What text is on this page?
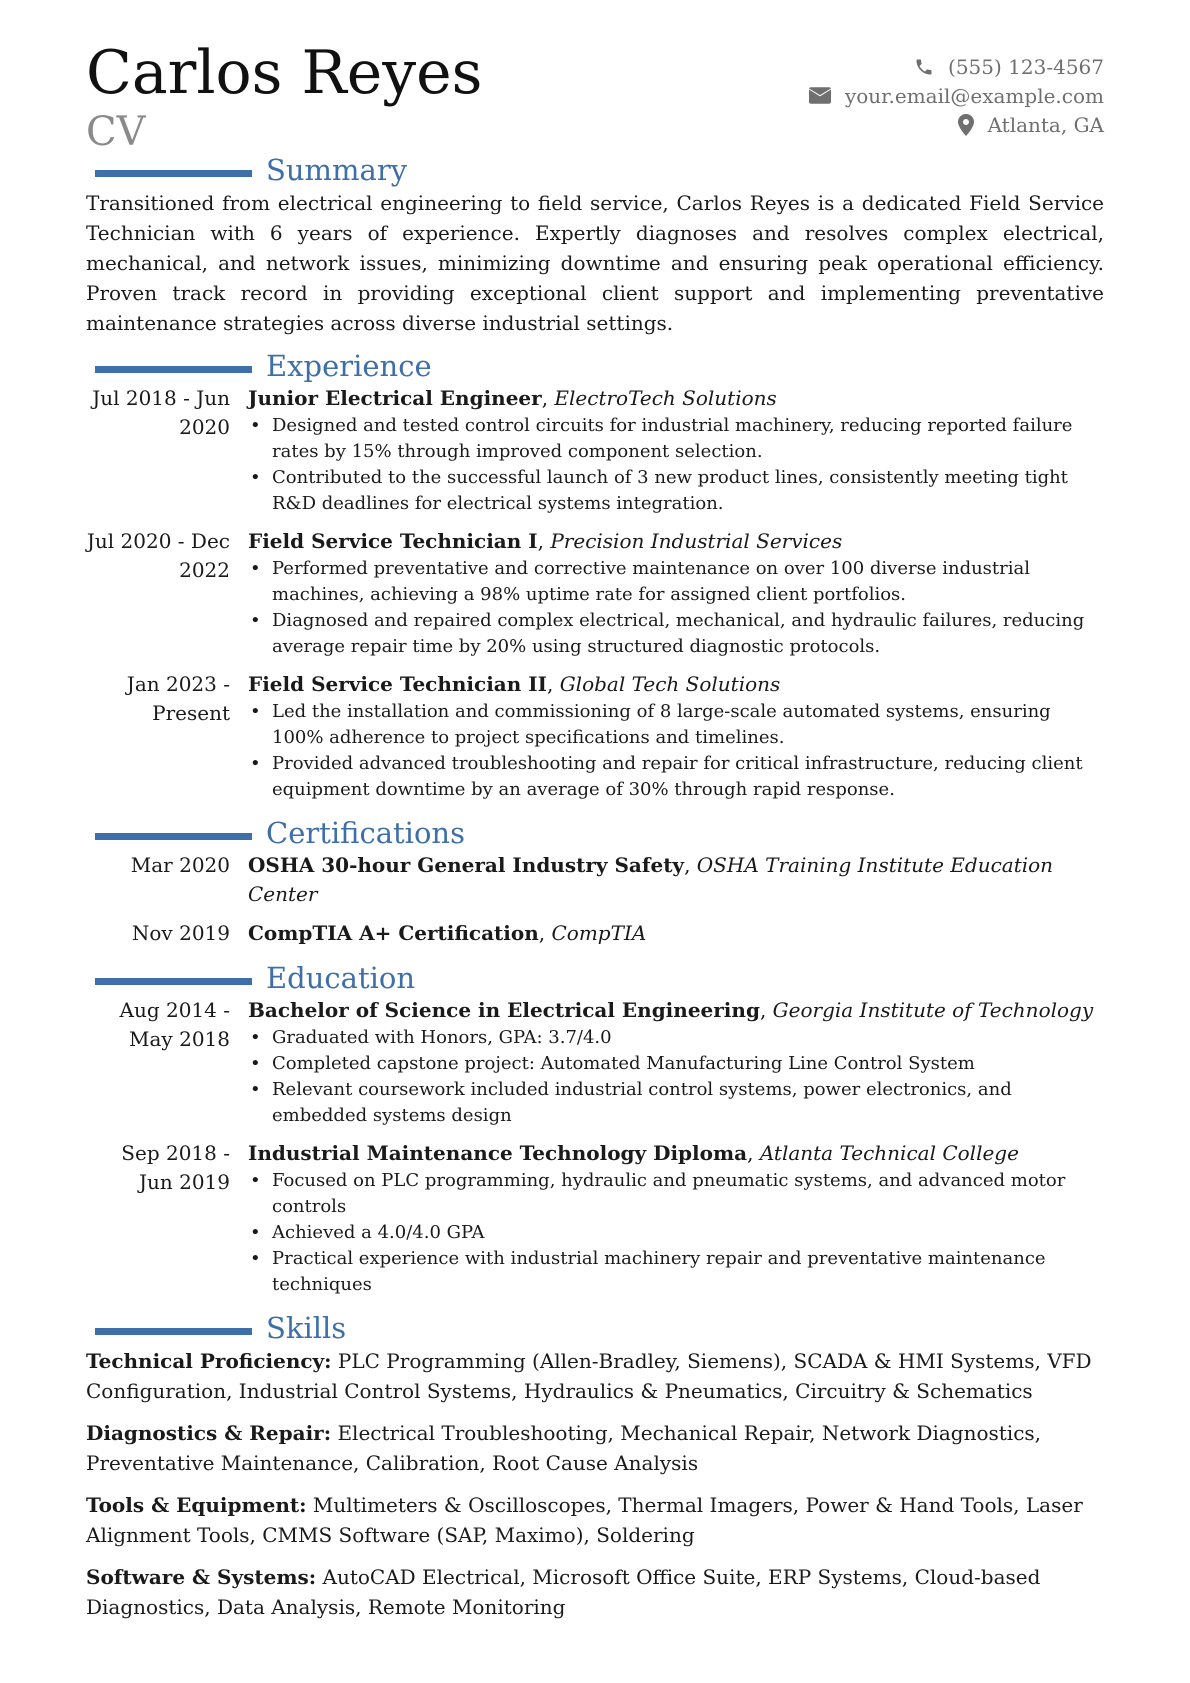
Carlos Reyes
CV
(555) 123-4567
your.email@example.com
Atlanta, GA
Summary

Transitioned from electrical engineering to field service, Carlos Reyes is a dedicated Field Service Technician with 6 years of experience. Expertly diagnoses and resolves complex electrical, mechanical, and network issues, minimizing downtime and ensuring peak operational efficiency. Proven track record in providing exceptional client support and implementing preventative maintenance strategies across diverse industrial settings.

Experience
Jul 2018 - Jun 2020
Junior Electrical Engineer, ElectroTech Solutions
• Designed and tested control circuits for industrial machinery, reducing reported failure rates by 15% through improved component selection.
• Contributed to the successful launch of 3 new product lines, consistently meeting tight R&D deadlines for electrical systems integration.
Jul 2020 - Dec 2022
Field Service Technician I, Precision Industrial Services
• Performed preventative and corrective maintenance on over 100 diverse industrial machines, achieving a 98% uptime rate for assigned client portfolios.
• Diagnosed and repaired complex electrical, mechanical, and hydraulic failures, reducing average repair time by 20% using structured diagnostic protocols.
Jan 2023 - Present
Field Service Technician II, Global Tech Solutions
• Led the installation and commissioning of 8 large-scale automated systems, ensuring 100% adherence to project specifications and timelines.
• Provided advanced troubleshooting and repair for critical infrastructure, reducing client equipment downtime by an average of 30% through rapid response.
Certifications
Mar 2020 OSHA 30-hour General Industry Safety, OSHA Training Institute Education Center
Nov 2019 CompTIA A+ Certification, CompTIA
Education
Aug 2014 - May 2018
Bachelor of Science in Electrical Engineering, Georgia Institute of Technology
• Graduated with Honors, GPA: 3.7/4.0
• Completed capstone project: Automated Manufacturing Line Control System
• Relevant coursework included industrial control systems, power electronics, and embedded systems design
Sep 2018 - Jun 2019
Industrial Maintenance Technology Diploma, Atlanta Technical College
• Focused on PLC programming, hydraulic and pneumatic systems, and advanced motor controls
• Achieved a 4.0/4.0 GPA
• Practical experience with industrial machinery repair and preventative maintenance techniques
Skills
Technical Proficiency: PLC Programming (Allen-Bradley, Siemens), SCADA & HMI Systems, VFD Configuration, Industrial Control Systems, Hydraulics & Pneumatics, Circuitry & Schematics
Diagnostics & Repair: Electrical Troubleshooting, Mechanical Repair, Network Diagnostics, Preventative Maintenance, Calibration, Root Cause Analysis
Tools & Equipment: Multimeters & Oscilloscopes, Thermal Imagers, Power & Hand Tools, Laser Alignment Tools, CMMS Software (SAP, Maximo), Soldering
Software & Systems: AutoCAD Electrical, Microsoft Office Suite, ERP Systems, Cloud-based Diagnostics, Data Analysis, Remote Monitoring
